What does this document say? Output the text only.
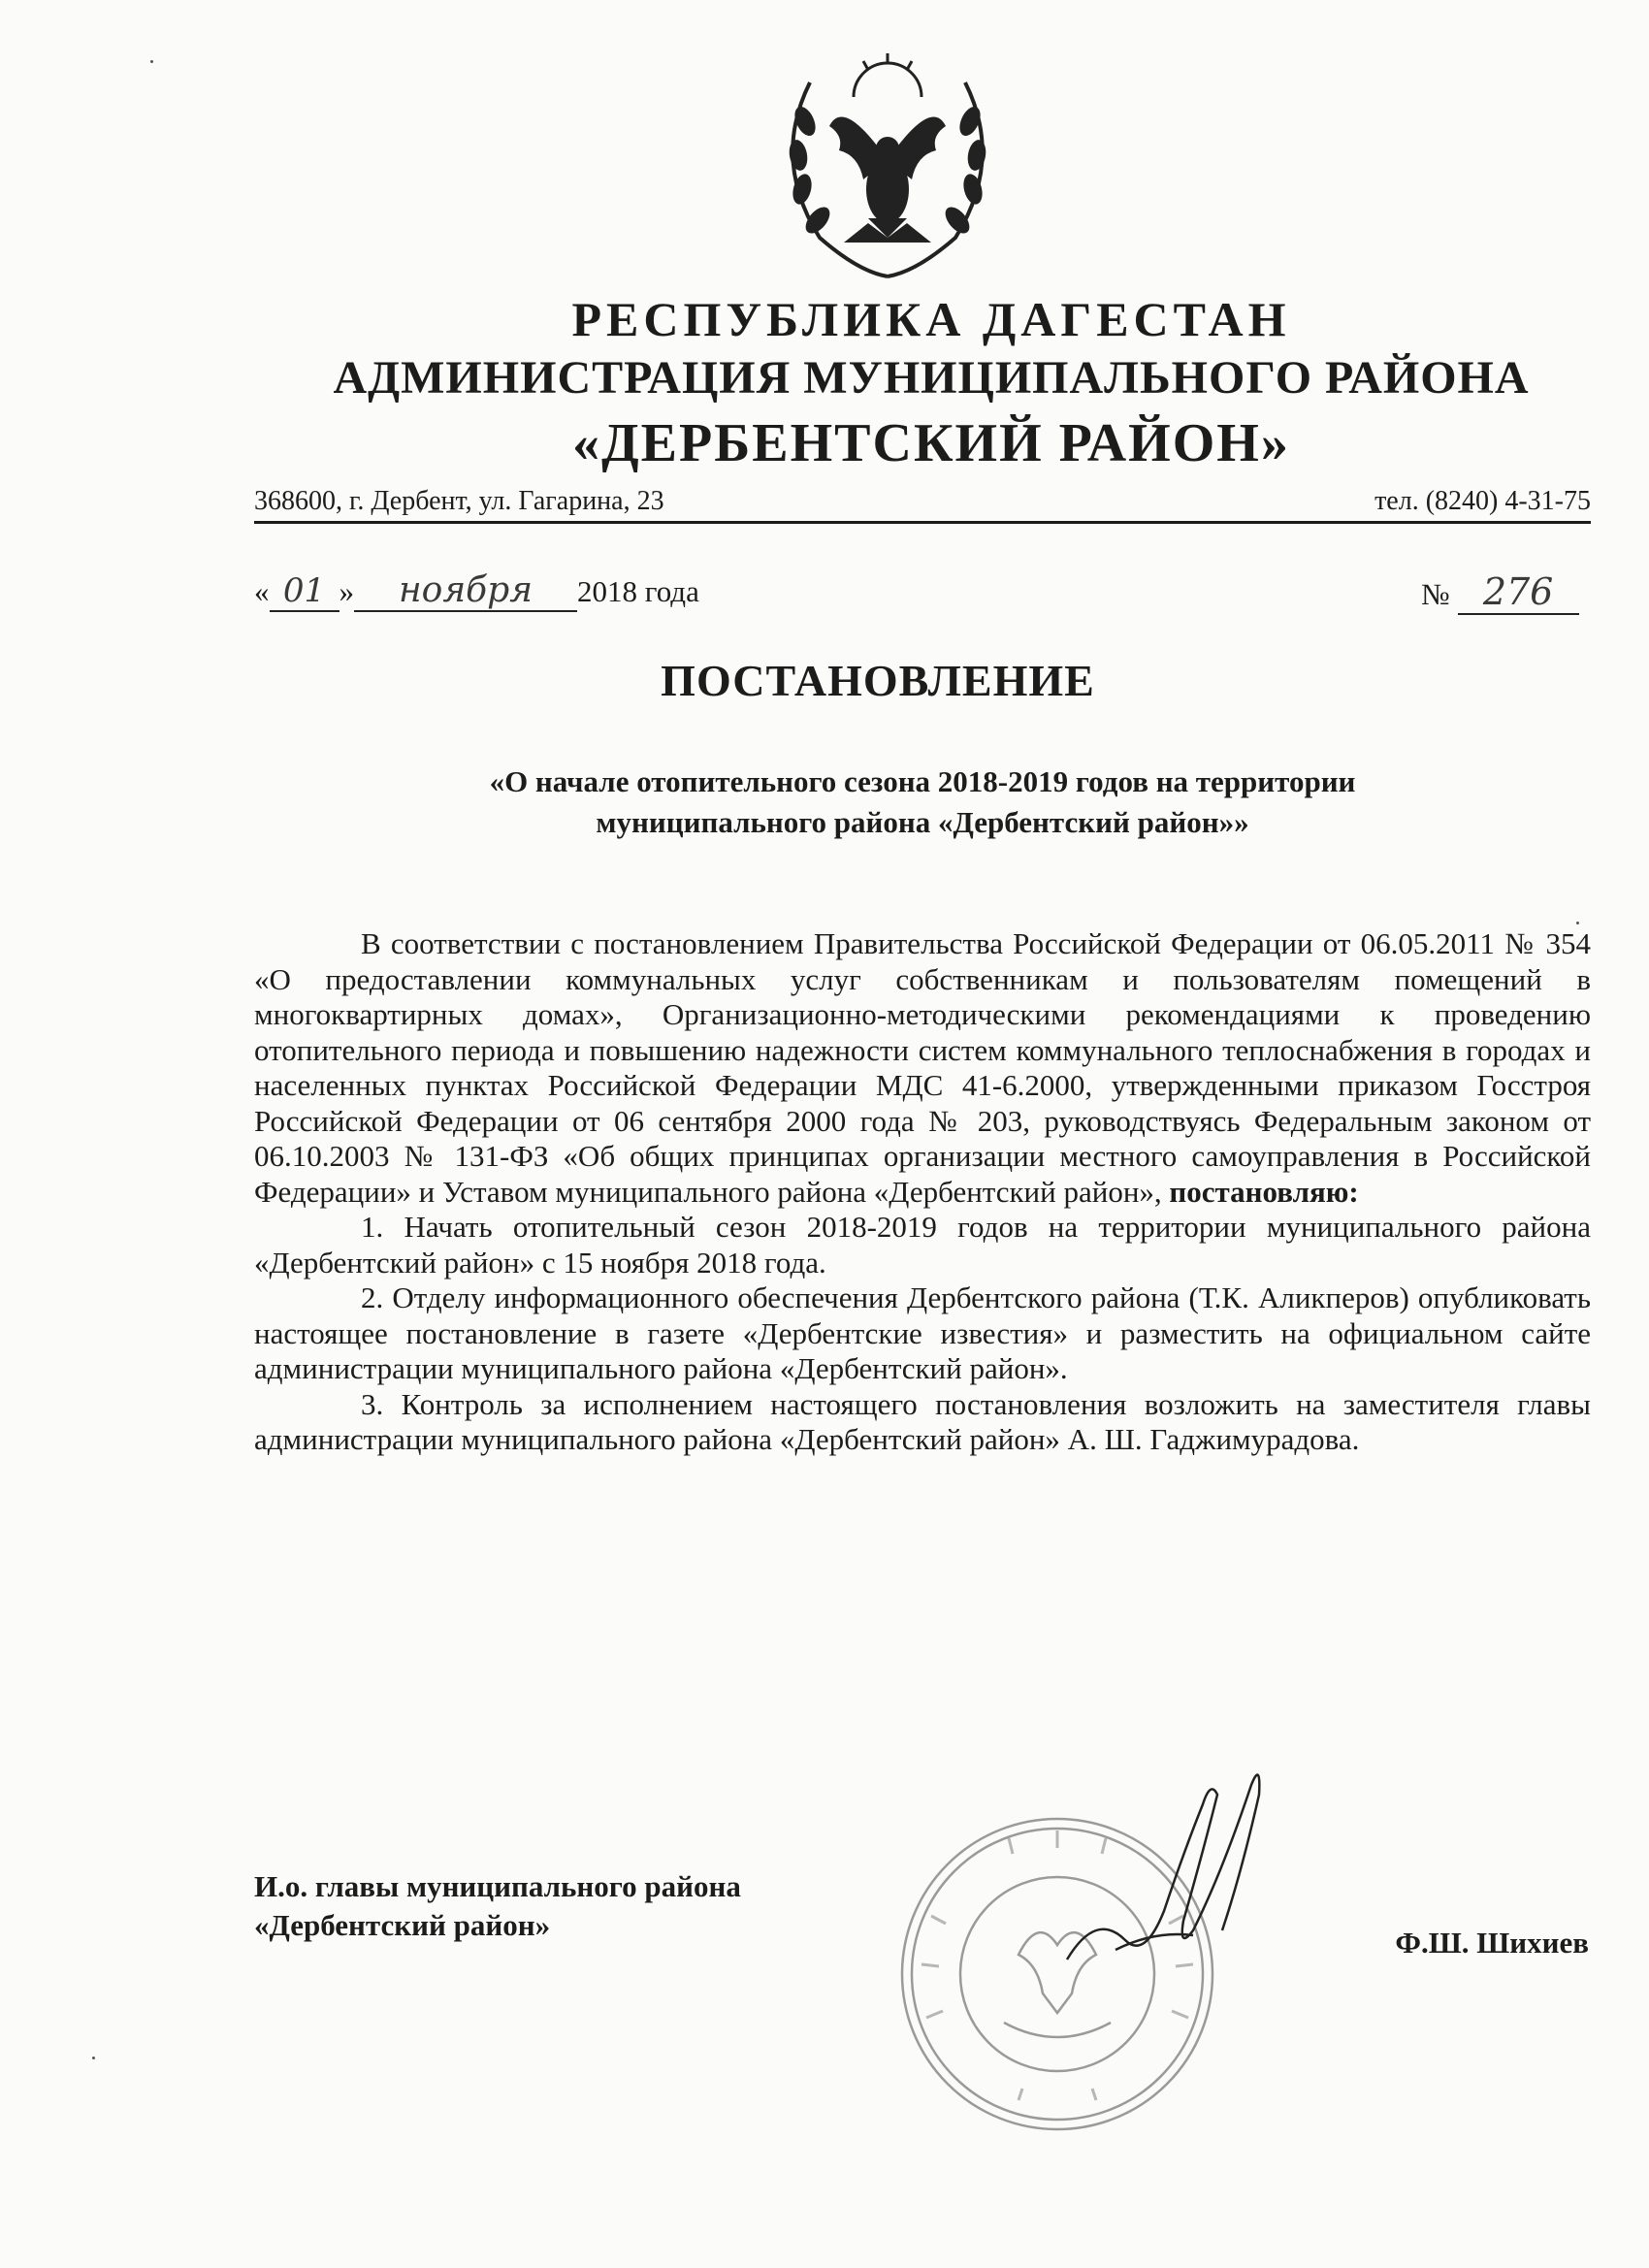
РЕСПУБЛИКА ДАГЕСТАН
АДМИНИСТРАЦИЯ МУНИЦИПАЛЬНОГО РАЙОНА
«ДЕРБЕНТСКИЙ РАЙОН»
368600, г. Дербент, ул. Гагарина, 23	тел. (8240) 4-31-75
« 01 » ноября 2018 года	№ 276
ПОСТАНОВЛЕНИЕ
«О начале отопительного сезона 2018-2019 годов на территории
муниципального района «Дербентский район»»

В соответствии с постановлением Правительства Российской Федерации от 06.05.2011 № 354 «О предоставлении коммунальных услуг собственникам и пользователям помещений в многоквартирных домах», Организационно-методическими рекомендациями к проведению отопительного периода и повышению надежности систем коммунального теплоснабжения в городах и населенных пунктах Российской Федерации МДС 41-6.2000, утвержденными приказом Госстроя Российской Федерации от 06 сентября 2000 года № 203, руководствуясь Федеральным законом от 06.10.2003 № 131-ФЗ «Об общих принципах организации местного самоуправления в Российской Федерации» и Уставом муниципального района «Дербентский район», постановляю:

1. Начать отопительный сезон 2018-2019 годов на территории муниципального района «Дербентский район» с 15 ноября 2018 года.

2. Отделу информационного обеспечения Дербентского района (Т.К. Аликперов) опубликовать настоящее постановление в газете «Дербентские известия» и разместить на официальном сайте администрации муниципального района «Дербентский район».

3. Контроль за исполнением настоящего постановления возложить на заместителя главы администрации муниципального района «Дербентский район» А. Ш. Гаджимурадова.

И.о. главы муниципального района
«Дербентский район»
Ф.Ш. Шихиев
